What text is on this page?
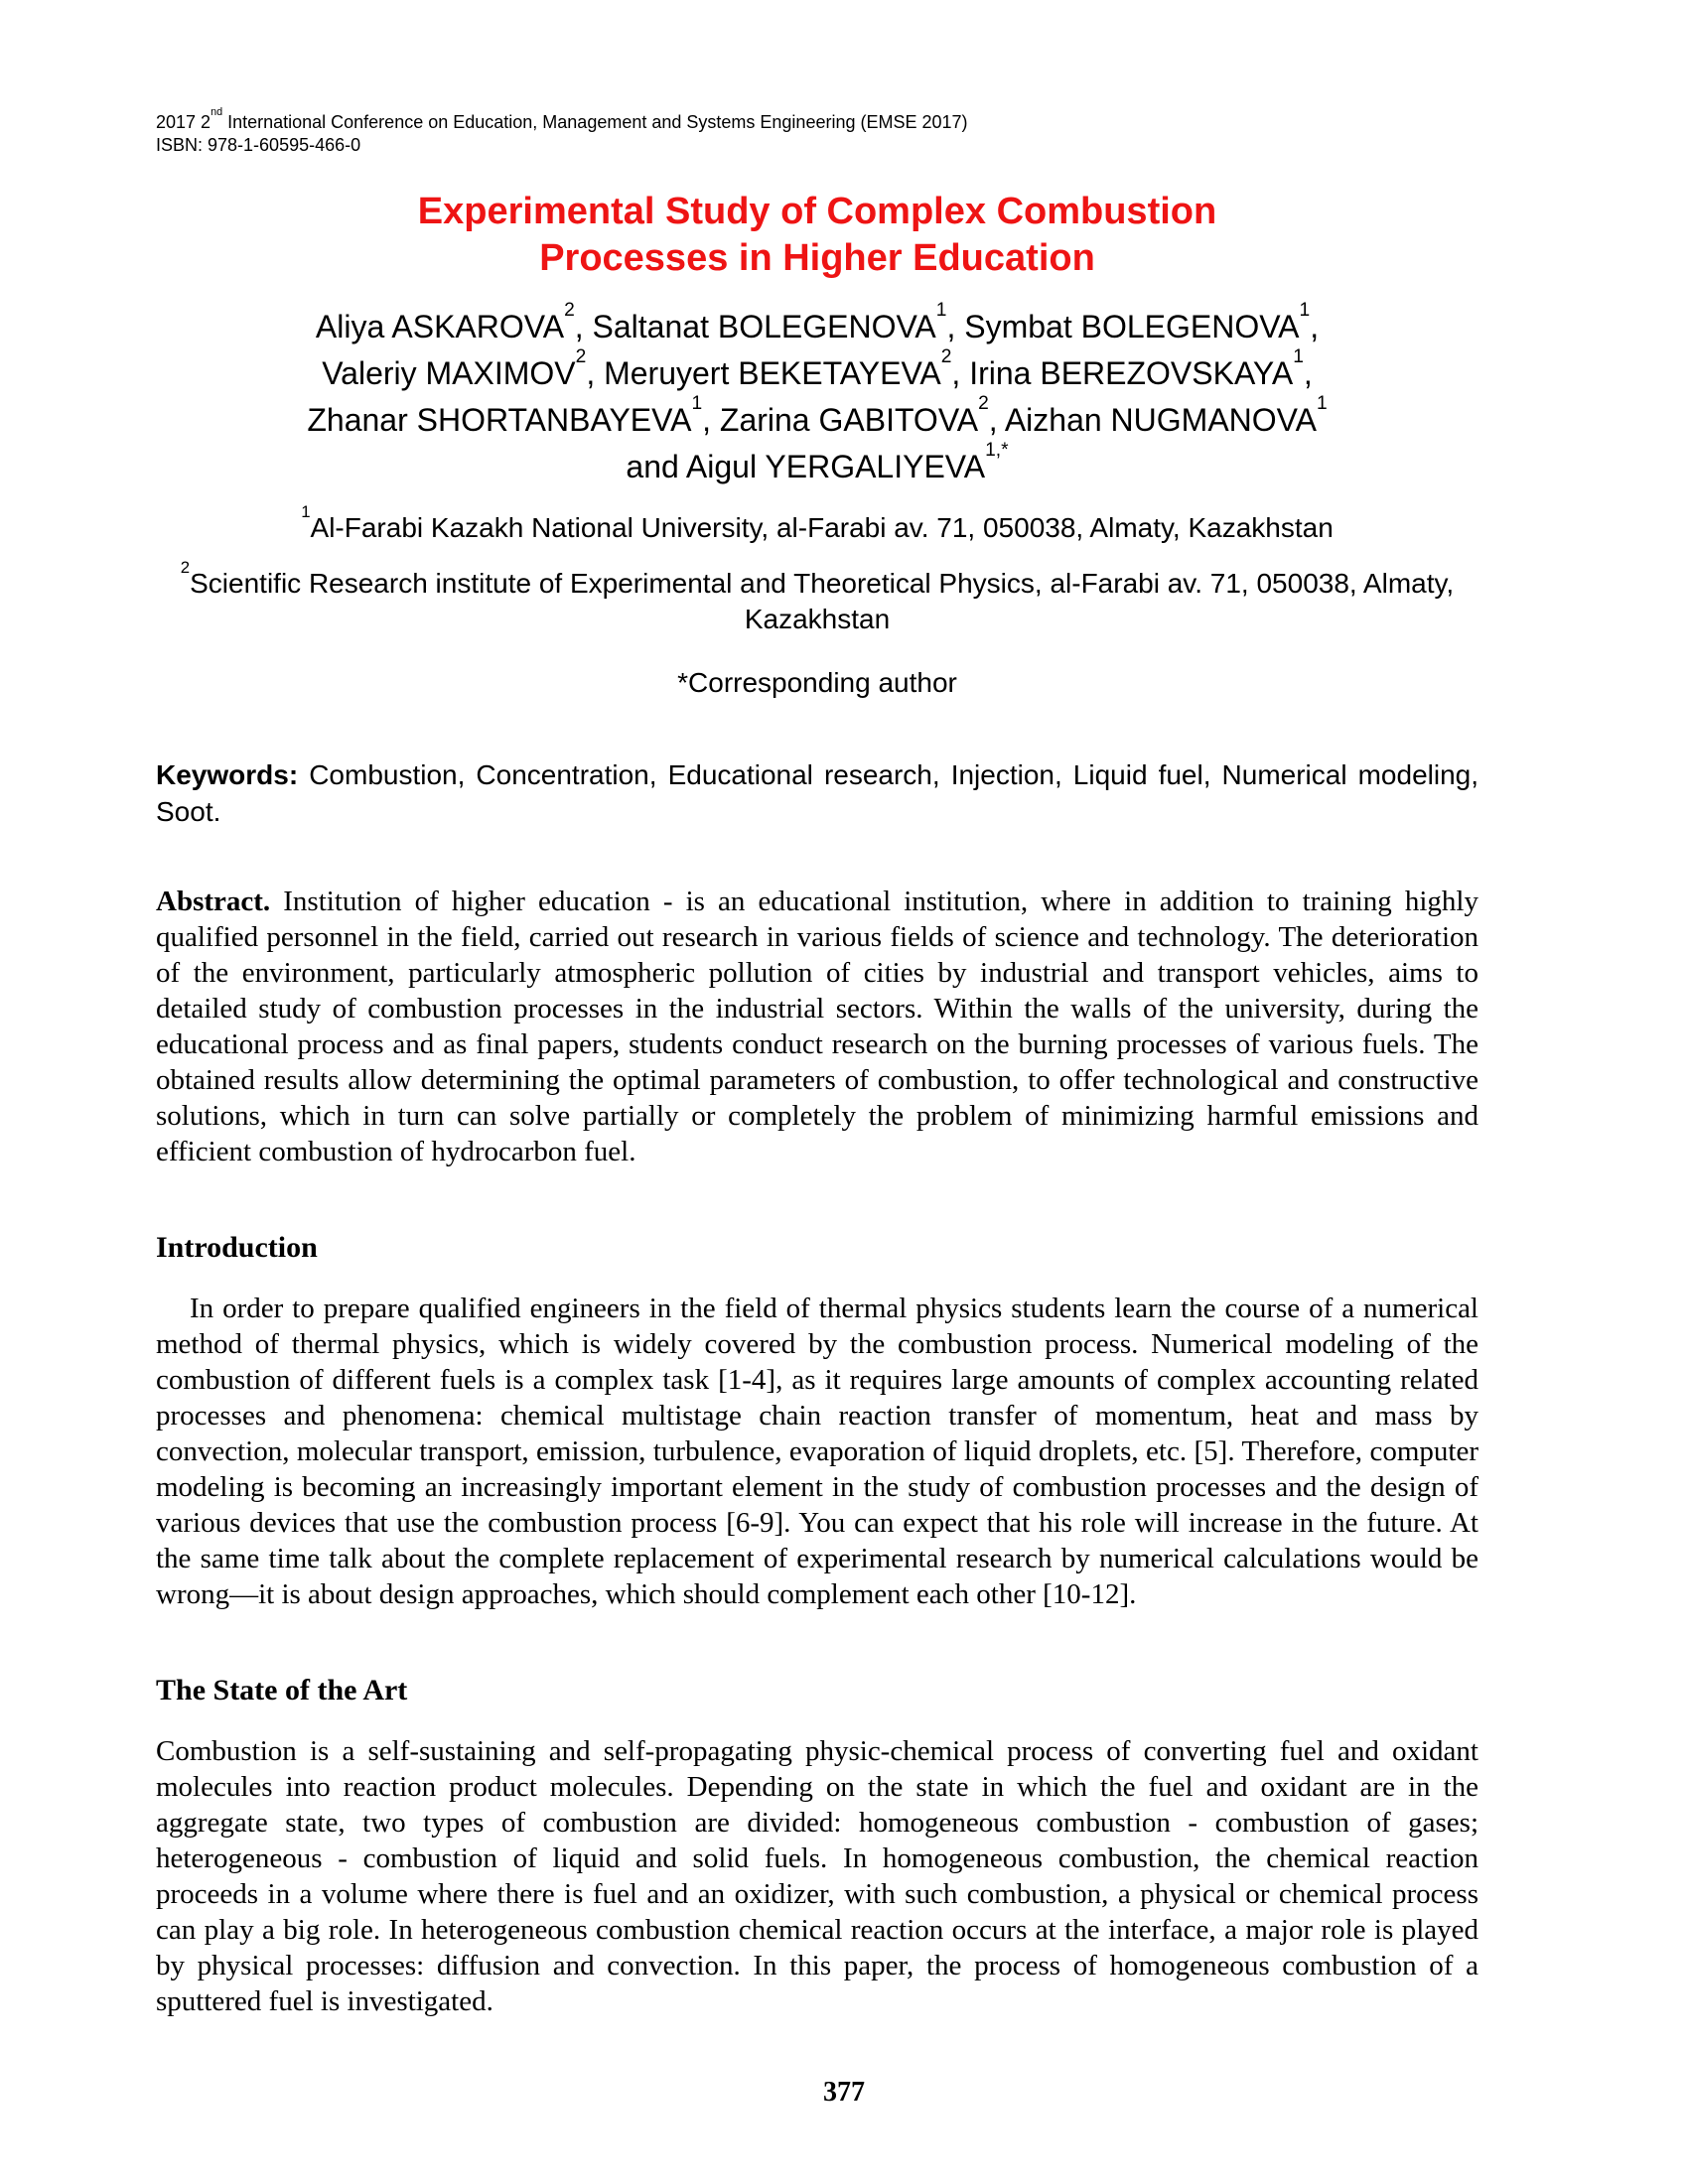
2017 2nd International Conference on Education, Management and Systems Engineering (EMSE 2017)
ISBN: 978-1-60595-466-0
Experimental Study of Complex Combustion Processes in Higher Education
Aliya ASKAROVA$^2$, Saltanat BOLEGENOVA$^1$, Symbat BOLEGENOVA$^1$,
Valeriy MAXIMOV$^2$, Meruyert BEKETAYEVA$^2$, Irina BEREZOVSKAYA$^1$,
Zhanar SHORTANBAYEVA$^1$, Zarina GABITOVA$^2$, Aizhan NUGMANOVA$^1$
and Aigul $YERGALIYEVA^{1,*}$
$^1$Al-Farabi Kazakh National University, al-Farabi av. 71, 050038, Almaty, Kazakhstan
$^2$Scientific Research institute of Experimental and Theoretical Physics, al-Farabi av. 71, 050038, Almaty, Kazakhstan
*Corresponding author

Keywords: Combustion, Concentration, Educational research, Injection, Liquid fuel, Numerical modeling, Soot.

Abstract. Institution of higher education - is an educational institution, where in addition to training highly qualified personnel in the field, carried out research in various fields of science and technology. The deterioration of the environment, particularly atmospheric pollution of cities by industrial and transport vehicles, aims to detailed study of combustion processes in the industrial sectors. Within the walls of the university, during the educational process and as final papers, students conduct research on the burning processes of various fuels. The obtained results allow determining the optimal parameters of combustion, to offer technological and constructive solutions, which in turn can solve partially or completely the problem of minimizing harmful emissions and efficient combustion of hydrocarbon fuel.

Introduction

In order to prepare qualified engineers in the field of thermal physics students learn the course of a numerical method of thermal physics, which is widely covered by the combustion process. Numerical modeling of the combustion of different fuels is a complex task [1-4], as it requires large amounts of complex accounting related processes and phenomena: chemical multistage chain reaction transfer of momentum, heat and mass by convection, molecular transport, emission, turbulence, evaporation of liquid droplets, etc. [5]. Therefore, computer modeling is becoming an increasingly important element in the study of combustion processes and the design of various devices that use the combustion process [6-9]. You can expect that his role will increase in the future. At the same time talk about the complete replacement of experimental research by numerical calculations would be wrong—it is about design approaches, which should complement each other [10-12].

The State of the Art

Combustion is a self-sustaining and self-propagating physic-chemical process of converting fuel and oxidant molecules into reaction product molecules. Depending on the state in which the fuel and oxidant are in the aggregate state, two types of combustion are divided: homogeneous combustion - combustion of gases; heterogeneous - combustion of liquid and solid fuels. In homogeneous combustion, the chemical reaction proceeds in a volume where there is fuel and an oxidizer, with such combustion, a physical or chemical process can play a big role. In heterogeneous combustion chemical reaction occurs at the interface, a major role is played by physical processes: diffusion and convection. In this paper, the process of homogeneous combustion of a sputtered fuel is investigated.

377
